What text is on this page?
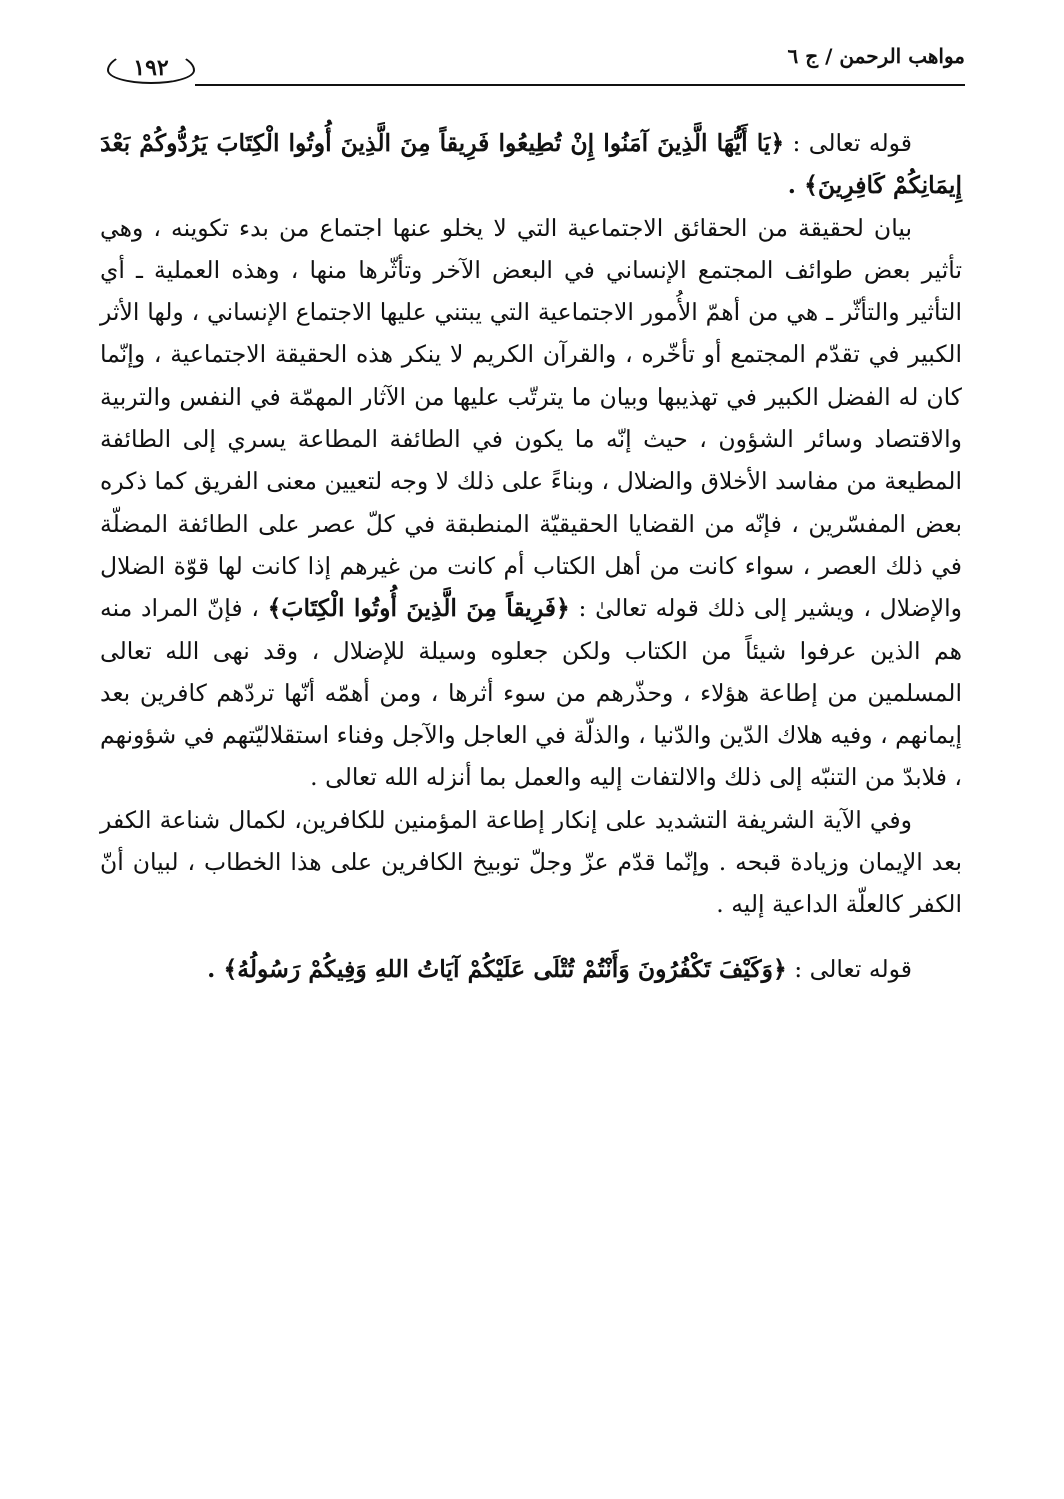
مواهب الرحمن / ج ٦
١٩٢

قوله تعالى : ﴿يَا أَيُّهَا الَّذِينَ آمَنُوا إِنْ تُطِيعُوا فَرِيقاً مِنَ الَّذِينَ أُوتُوا الْكِتَابَ يَرُدُّوكُمْ بَعْدَ إِيمَانِكُمْ كَافِرِينَ﴾ .

بيان لحقيقة من الحقائق الاجتماعية التي لا يخلو عنها اجتماع من بدء تكوينه ، وهي تأثير بعض طوائف المجتمع الإنساني في البعض الآخر وتأثّرها منها ، وهذه العملية ـ أي التأثير والتأثّر ـ هي من أهمّ الأُمور الاجتماعية التي يبتني عليها الاجتماع الإنساني ، ولها الأثر الكبير في تقدّم المجتمع أو تأخّره ، والقرآن الكريم لا ينكر هذه الحقيقة الاجتماعية ، وإنّما كان له الفضل الكبير في تهذيبها وبيان ما يترتّب عليها من الآثار المهمّة في النفس والتربية والاقتصاد وسائر الشؤون ، حيث إنّه ما يكون في الطائفة المطاعة يسري إلى الطائفة المطيعة من مفاسد الأخلاق والضلال ، وبناءً على ذلك لا وجه لتعيين معنى الفريق كما ذكره بعض المفسّرين ، فإنّه من القضايا الحقيقيّة المنطبقة في كلّ عصر على الطائفة المضلّة في ذلك العصر ، سواء كانت من أهل الكتاب أم كانت من غيرهم إذا كانت لها قوّة الضلال والإضلال ، ويشير إلى ذلك قوله تعالىٰ : ﴿فَرِيقاً مِنَ الَّذِينَ أُوتُوا الْكِتَابَ﴾ ، فإنّ المراد منه هم الذين عرفوا شيئاً من الكتاب ولكن جعلوه وسيلة للإضلال ، وقد نهى الله تعالى المسلمين من إطاعة هؤلاء ، وحذّرهم من سوء أثرها ، ومن أهمّه أنّها تردّهم كافرين بعد إيمانهم ، وفيه هلاك الدّين والدّنيا ، والذلّة في العاجل والآجل وفناء استقلاليّتهم في شؤونهم ، فلابدّ من التنبّه إلى ذلك والالتفات إليه والعمل بما أنزله الله تعالى .

وفي الآية الشريفة التشديد على إنكار إطاعة المؤمنين للكافرين، لكمال شناعة الكفر بعد الإيمان وزيادة قبحه . وإنّما قدّم عزّ وجلّ توبيخ الكافرين على هذا الخطاب ، لبيان أنّ الكفر كالعلّة الداعية إليه .

قوله تعالى : ﴿وَكَيْفَ تَكْفُرُونَ وَأَنْتُمْ تُتْلَى عَلَيْكُمْ آيَاتُ اللهِ وَفِيكُمْ رَسُولُهُ﴾ .
